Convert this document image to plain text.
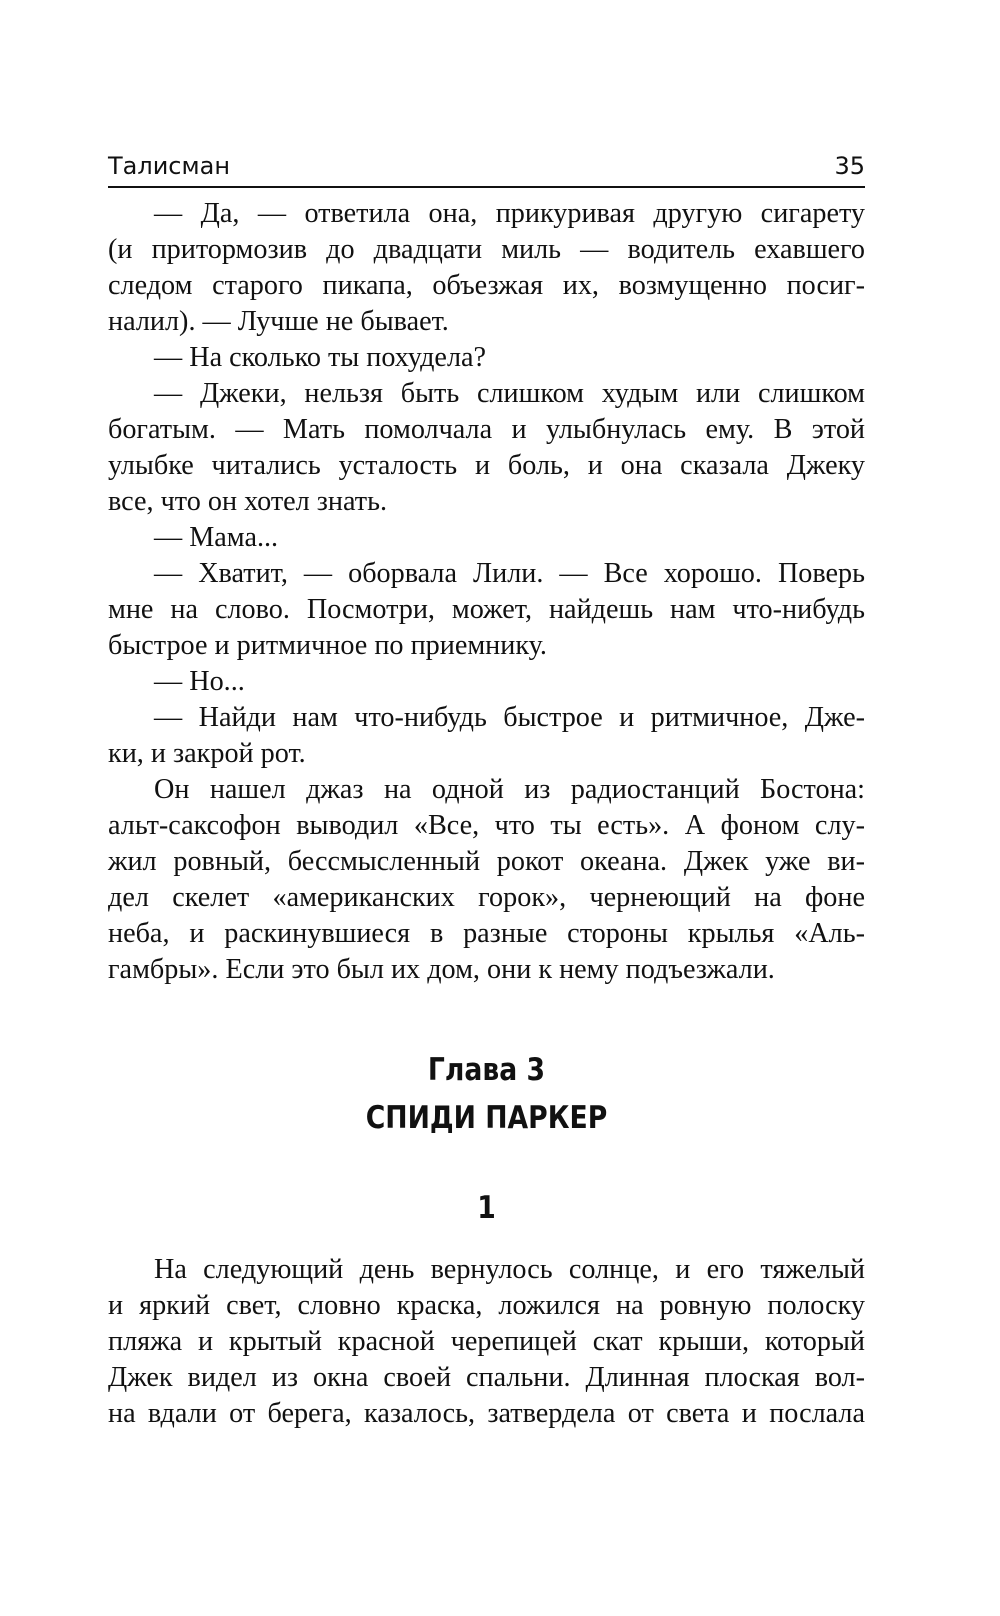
Талисман	35
— Да, — ответила она, прикуривая другую сигарету
(и притормозив до двадцати миль — водитель ехавшего
следом старого пикапа, объезжая их, возмущенно посиг-
налил). — Лучше не бывает.
— На сколько ты похудела?
— Джеки, нельзя быть слишком худым или слишком
богатым. — Мать помолчала и улыбнулась ему. В этой
улыбке читались усталость и боль, и она сказала Джеку
все, что он хотел знать.
— Мама...
— Хватит, — оборвала Лили. — Все хорошо. Поверь
мне на слово. Посмотри, может, найдешь нам что-нибудь
быстрое и ритмичное по приемнику.
— Но...
— Найди нам что-нибудь быстрое и ритмичное, Дже-
ки, и закрой рот.
Он нашел джаз на одной из радиостанций Бостона:
альт-саксофон выводил «Все, что ты есть». А фоном слу-
жил ровный, бессмысленный рокот океана. Джек уже ви-
дел скелет «американских горок», чернеющий на фоне
неба, и раскинувшиеся в разные стороны крылья «Аль-
гамбры». Если это был их дом, они к нему подъезжали.
Глава 3
СПИДИ ПАРКЕР
1
На следующий день вернулось солнце, и его тяжелый
и яркий свет, словно краска, ложился на ровную полоску
пляжа и крытый красной черепицей скат крыши, который
Джек видел из окна своей спальни. Длинная плоская вол-
на вдали от берега, казалось, затвердела от света и послала
